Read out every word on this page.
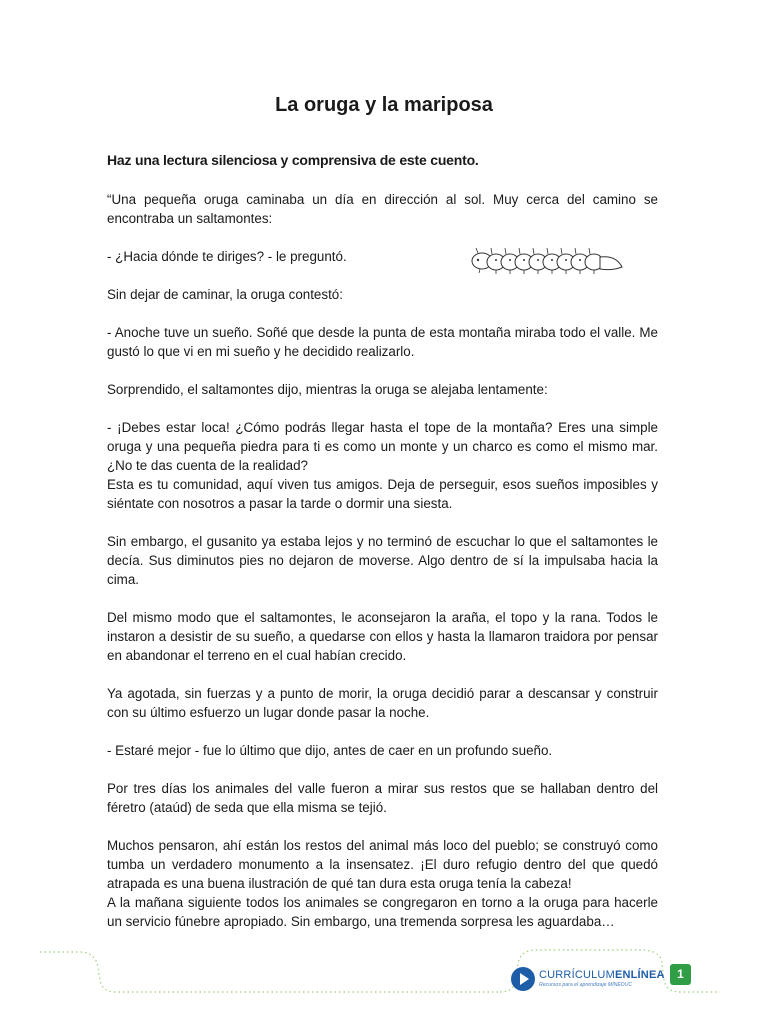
La oruga y la mariposa

Haz una lectura silenciosa y comprensiva de este cuento.

“Una pequeña oruga caminaba un día en dirección al sol. Muy cerca del camino se encontraba un saltamontes:

- ¿Hacia dónde te diriges? - le preguntó.

Sin dejar de caminar, la oruga contestó:

- Anoche tuve un sueño. Soñé que desde la punta de esta montaña miraba todo el valle. Me gustó lo que vi en mi sueño y he decidido realizarlo.

Sorprendido, el saltamontes dijo, mientras la oruga se alejaba lentamente:

- ¡Debes estar loca! ¿Cómo podrás llegar hasta el tope de la montaña? Eres una simple oruga y una pequeña piedra para ti es como un monte y un charco es como el mismo mar. ¿No te das cuenta de la realidad?

Esta es tu comunidad, aquí viven tus amigos. Deja de perseguir, esos sueños imposibles y siéntate con nosotros a pasar la tarde o dormir una siesta.

Sin embargo, el gusanito ya estaba lejos y no terminó de escuchar lo que el saltamontes le decía. Sus diminutos pies no dejaron de moverse. Algo dentro de sí la impulsaba hacia la cima.

Del mismo modo que el saltamontes, le aconsejaron la araña, el topo y la rana. Todos le instaron a desistir de su sueño, a quedarse con ellos y hasta la llamaron traidora por pensar en abandonar el terreno en el cual habían crecido.

Ya agotada, sin fuerzas y a punto de morir, la oruga decidió parar a descansar y construir con su último esfuerzo un lugar donde pasar la noche.

- Estaré mejor - fue lo último que dijo, antes de caer en un profundo sueño.

Por tres días los animales del valle fueron a mirar sus restos que se hallaban dentro del féretro (ataúd) de seda que ella misma se tejió.

Muchos pensaron, ahí están los restos del animal más loco del pueblo; se construyó como tumba un verdadero monumento a la insensatez. ¡El duro refugio dentro del que quedó atrapada es una buena ilustración de qué tan dura esta oruga tenía la cabeza!

A la mañana siguiente todos los animales se congregaron en torno a la oruga para hacerle un servicio fúnebre apropiado. Sin embargo, una tremenda sorpresa les aguardaba…

CURRÍCULUMENLÍNEA
Recursos para el aprendizaje MINEDUC
1
